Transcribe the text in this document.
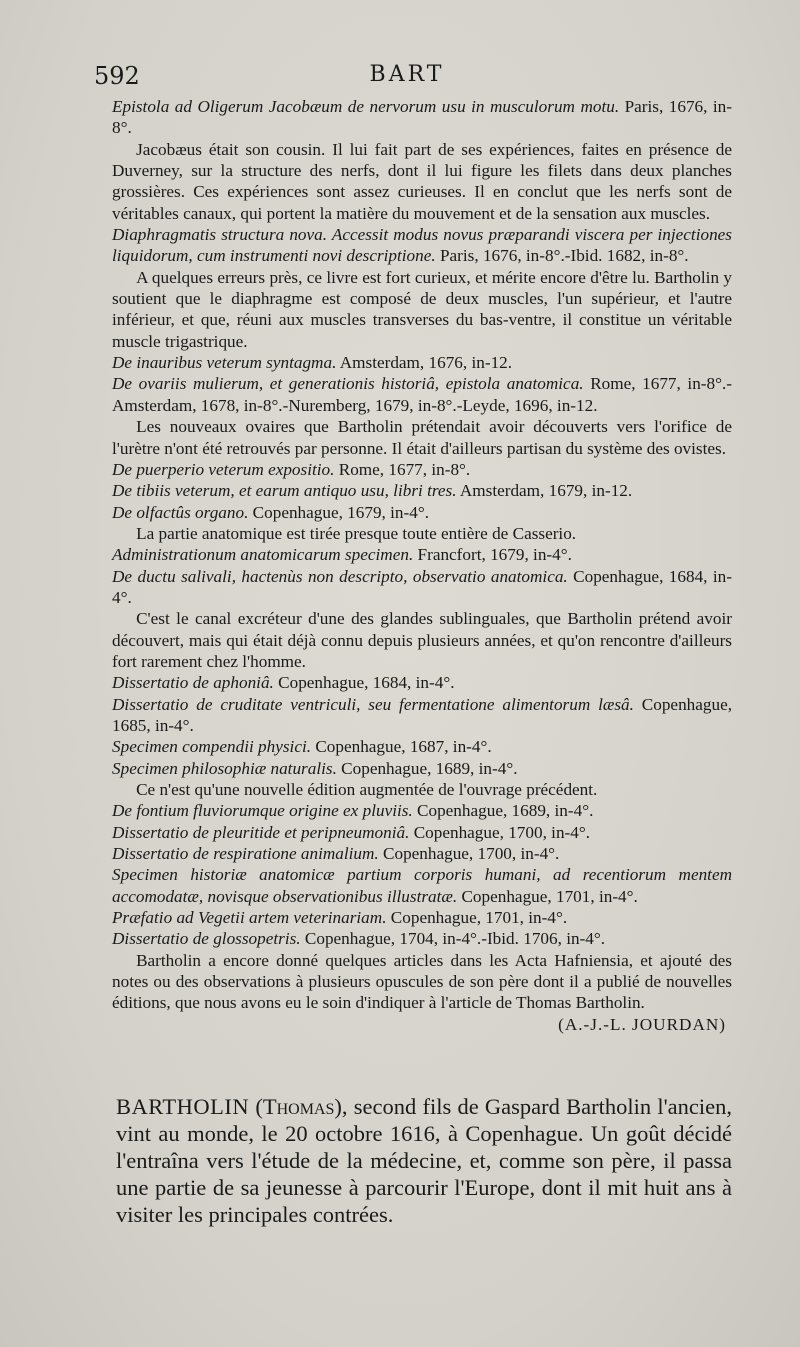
592	BART

Epistola ad Oligerum Jacobæum de nervorum usu in musculorum motu. Paris, 1676, in-8°.

Jacobæus était son cousin. Il lui fait part de ses expériences, faites en présence de Duverney, sur la structure des nerfs, dont il lui figure les filets dans deux planches grossières. Ces expériences sont assez curieuses. Il en conclut que les nerfs sont de véritables canaux, qui portent la matière du mouvement et de la sensation aux muscles.

Diaphragmatis structura nova. Accessit modus novus præparandi viscera per injectiones liquidorum, cum instrumenti novi descriptione. Paris, 1676, in-8°.-Ibid. 1682, in-8°.

A quelques erreurs près, ce livre est fort curieux, et mérite encore d'être lu. Bartholin y soutient que le diaphragme est composé de deux muscles, l'un supérieur, et l'autre inférieur, et que, réuni aux muscles transverses du bas-ventre, il constitue un véritable muscle trigastrique.

De inauribus veterum syntagma. Amsterdam, 1676, in-12.

De ovariis mulierum, et generationis historiâ, epistola anatomica. Rome, 1677, in-8°.-Amsterdam, 1678, in-8°.-Nuremberg, 1679, in-8°.-Leyde, 1696, in-12.

Les nouveaux ovaires que Bartholin prétendait avoir découverts vers l'orifice de l'urètre n'ont été retrouvés par personne. Il était d'ailleurs partisan du système des ovistes.

De puerperio veterum expositio. Rome, 1677, in-8°.

De tibiis veterum, et earum antiquo usu, libri tres. Amsterdam, 1679, in-12.

De olfactûs organo. Copenhague, 1679, in-4°.

La partie anatomique est tirée presque toute entière de Casserio.

Administrationum anatomicarum specimen. Francfort, 1679, in-4°.

De ductu salivali, hactenùs non descripto, observatio anatomica. Copenhague, 1684, in-4°.

C'est le canal excréteur d'une des glandes sublinguales, que Bartholin prétend avoir découvert, mais qui était déjà connu depuis plusieurs années, et qu'on rencontre d'ailleurs fort rarement chez l'homme.

Dissertatio de aphoniâ. Copenhague, 1684, in-4°.

Dissertatio de cruditate ventriculi, seu fermentatione alimentorum læsâ. Copenhague, 1685, in-4°.

Specimen compendii physici. Copenhague, 1687, in-4°.

Specimen philosophiæ naturalis. Copenhague, 1689, in-4°.

Ce n'est qu'une nouvelle édition augmentée de l'ouvrage précédent.

De fontium fluviorumque origine ex pluviis. Copenhague, 1689, in-4°.

Dissertatio de pleuritide et peripneumoniâ. Copenhague, 1700, in-4°.

Dissertatio de respiratione animalium. Copenhague, 1700, in-4°.

Specimen historiæ anatomicæ partium corporis humani, ad recentiorum mentem accomodatæ, novisque observationibus illustratæ. Copenhague, 1701, in-4°.

Præfatio ad Vegetii artem veterinariam. Copenhague, 1701, in-4°.

Dissertatio de glossopetris. Copenhague, 1704, in-4°.-Ibid. 1706, in-4°.

Bartholin a encore donné quelques articles dans les Acta Hafniensia, et ajouté des notes ou des observations à plusieurs opuscules de son père dont il a publié de nouvelles éditions, que nous avons eu le soin d'indiquer à l'article de Thomas Bartholin.
(A.-J.-L. JOURDAN)

BARTHOLIN (Thomas), second fils de Gaspard Bartholin l'ancien, vint au monde, le 20 octobre 1616, à Copenhague. Un goût décidé l'entraîna vers l'étude de la médecine, et, comme son père, il passa une partie de sa jeunesse à parcourir l'Europe, dont il mit huit ans à visiter les principales contrées.
